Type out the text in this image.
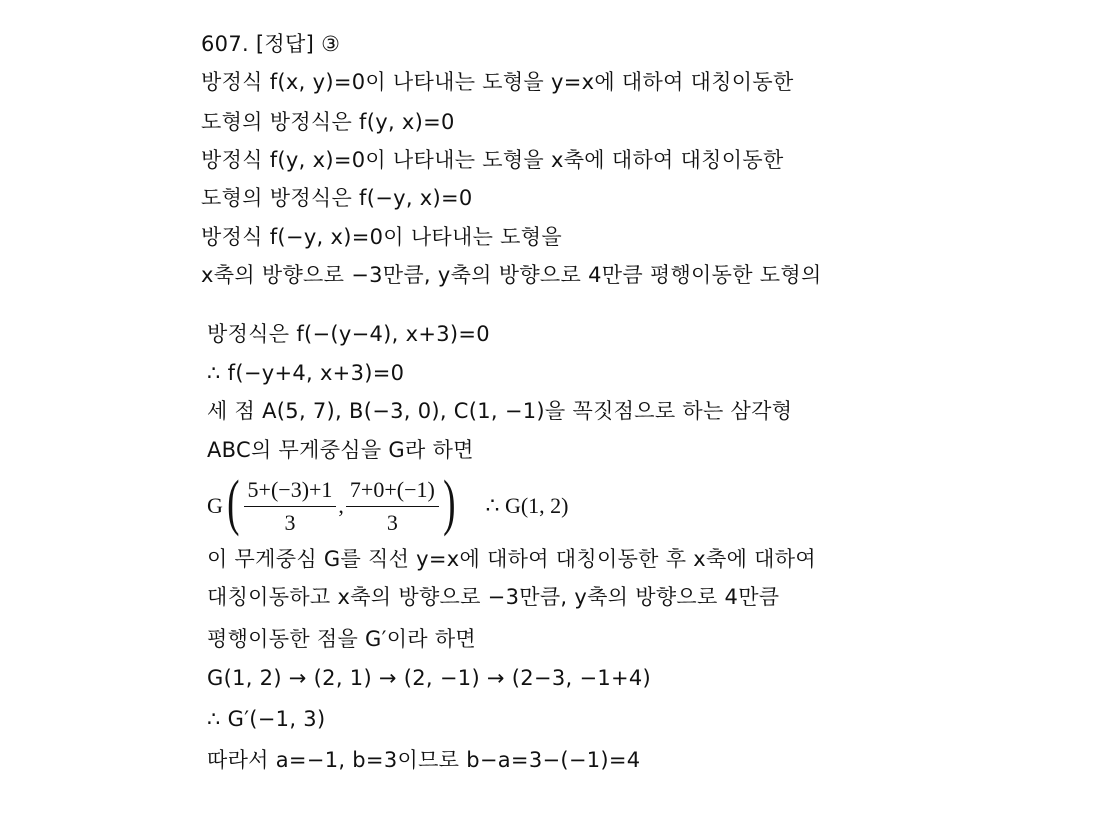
607. [정답] ③
방정식 f(x, y)=0이 나타내는 도형을 y=x에 대하여 대칭이동한
도형의 방정식은 f(y, x)=0
방정식 f(y, x)=0이 나타내는 도형을 x축에 대하여 대칭이동한
도형의 방정식은 f(−y, x)=0
방정식 f(−y, x)=0이 나타내는 도형을
x축의 방향으로 −3만큼, y축의 방향으로 4만큼 평행이동한 도형의
방정식은 f(−(y−4), x+3)=0
∴ f(−y+4, x+3)=0
세 점 A(5, 7), B(−3, 0), C(1, −1)을 꼭짓점으로 하는 삼각형
ABC의 무게중심을 G라 하면
G ( $\frac{5+(-3)+1}{3}$ , $\frac{7+0+(-1)}{3}$ ) ∴ G(1, 2)
이 무게중심 G를 직선 y=x에 대하여 대칭이동한 후 x축에 대하여
대칭이동하고 x축의 방향으로 −3만큼, y축의 방향으로 4만큼
평행이동한 점을 G′이라 하면
G(1, 2) → (2, 1) → (2, −1) → (2−3, −1+4)
∴ G′(−1, 3)
따라서 a=−1, b=3이므로 b−a=3−(−1)=4
